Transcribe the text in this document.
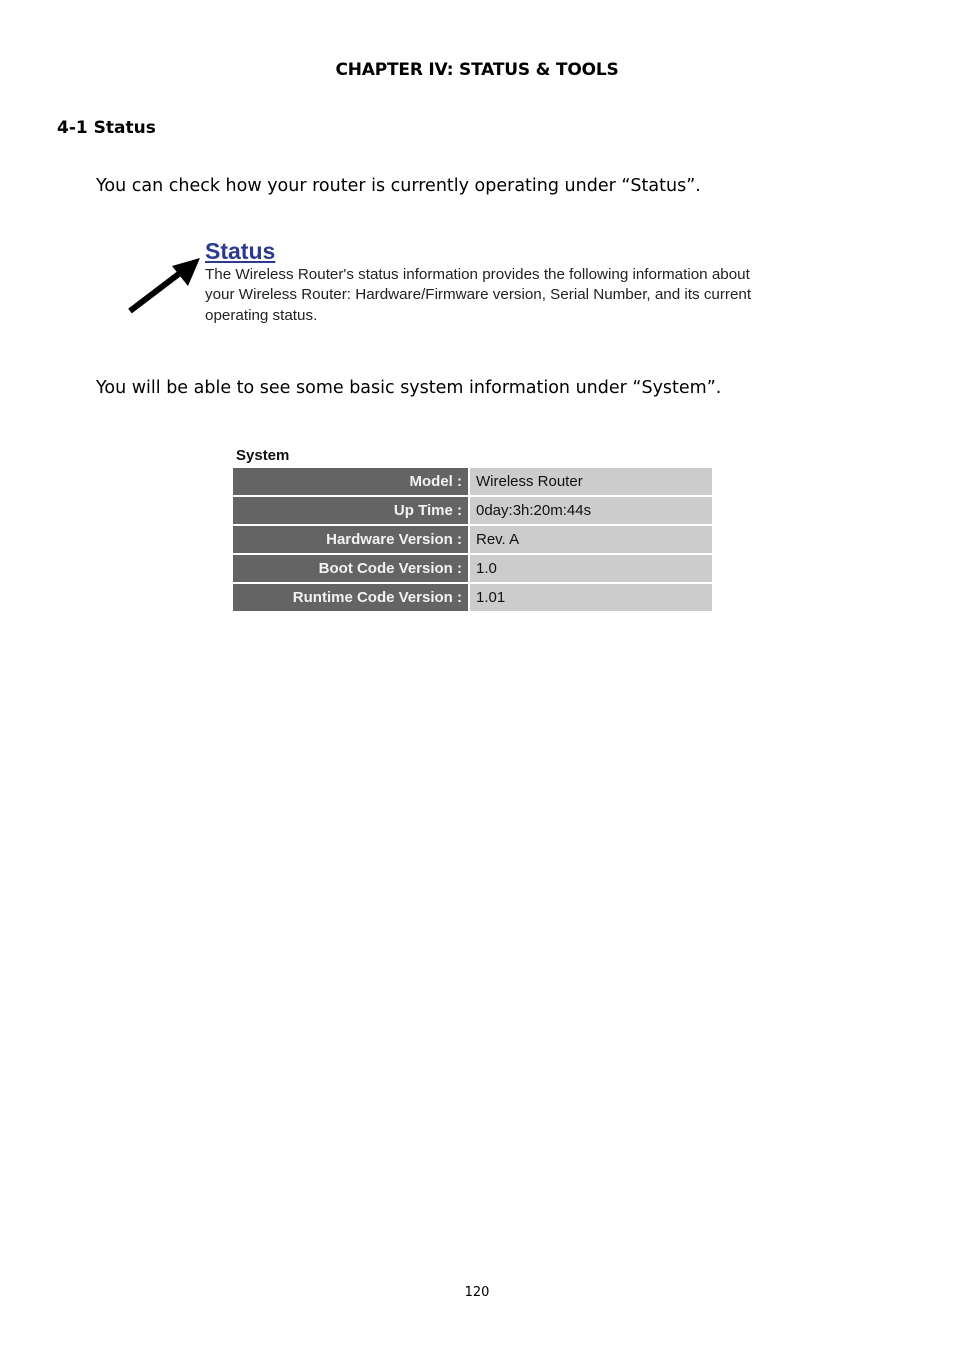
CHAPTER IV: STATUS & TOOLS
4-1 Status

You can check how your router is currently operating under “Status”.

Status

The Wireless Router's status information provides the following information about your Wireless Router: Hardware/Firmware version, Serial Number, and its current operating status.

You will be able to see some basic system information under “System”.

System

Model :	Wireless Router
Up Time :	0day:3h:20m:44s
Hardware Version :	Rev. A
Boot Code Version :	1.0
Runtime Code Version :	1.01

120
